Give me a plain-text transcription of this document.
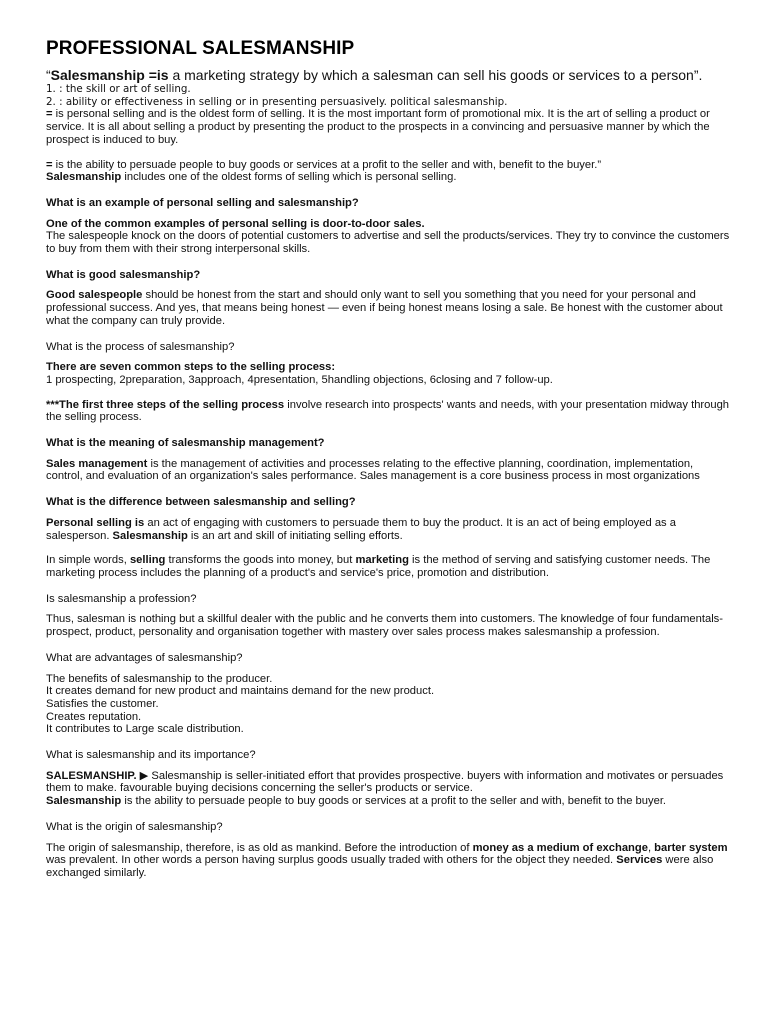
PROFESSIONAL SALESMANSHIP

“Salesmanship =is a marketing strategy by which a salesman can sell his goods or services to a person”.

1. : the skill or art of selling.

2. : ability or effectiveness in selling or in presenting persuasively. political salesmanship.

= is personal selling and is the oldest form of selling. It is the most important form of promotional mix. It is the art of selling a product or service. It is all about selling a product by presenting the product to the prospects in a convincing and persuasive manner by which the prospect is induced to buy.

= is the ability to persuade people to buy goods or services at a profit to the seller and with, benefit to the buyer.”

Salesmanship includes one of the oldest forms of selling which is personal selling.

What is an example of personal selling and salesmanship?

One of the common examples of personal selling is door-to-door sales.

The salespeople knock on the doors of potential customers to advertise and sell the products/services. They try to convince the customers to buy from them with their strong interpersonal skills.

What is good salesmanship?

Good salespeople should be honest from the start and should only want to sell you something that you need for your personal and professional success. And yes, that means being honest — even if being honest means losing a sale. Be honest with the customer about what the company can truly provide.

What is the process of salesmanship?

There are seven common steps to the selling process:

1 prospecting, 2preparation, 3approach, 4presentation, 5handling objections, 6closing and 7 follow-up.

***The first three steps of the selling process involve research into prospects' wants and needs, with your presentation midway through the selling process.

What is the meaning of salesmanship management?

Sales management is the management of activities and processes relating to the effective planning, coordination, implementation, control, and evaluation of an organization's sales performance. Sales management is a core business process in most organizations

What is the difference between salesmanship and selling?

Personal selling is an act of engaging with customers to persuade them to buy the product. It is an act of being employed as a salesperson. Salesmanship is an art and skill of initiating selling efforts.

In simple words, selling transforms the goods into money, but marketing is the method of serving and satisfying customer needs. The marketing process includes the planning of a product's and service's price, promotion and distribution.

Is salesmanship a profession?

Thus, salesman is nothing but a skillful dealer with the public and he converts them into customers. The knowledge of four fundamentals-prospect, product, personality and organisation together with mastery over sales process makes salesmanship a profession.

What are advantages of salesmanship?

The benefits of salesmanship to the producer.

It creates demand for new product and maintains demand for the new product.

Satisfies the customer.

Creates reputation.

It contributes to Large scale distribution.

What is salesmanship and its importance?

SALESMANSHIP. ▶ Salesmanship is seller-initiated effort that provides prospective. buyers with information and motivates or persuades them to make. favourable buying decisions concerning the seller's products or service.

Salesmanship is the ability to persuade people to buy goods or services at a profit to the seller and with, benefit to the buyer.

What is the origin of salesmanship?

The origin of salesmanship, therefore, is as old as mankind. Before the introduction of money as a medium of exchange, barter system was prevalent. In other words a person having surplus goods usually traded with others for the object they needed. Services were also exchanged similarly.
